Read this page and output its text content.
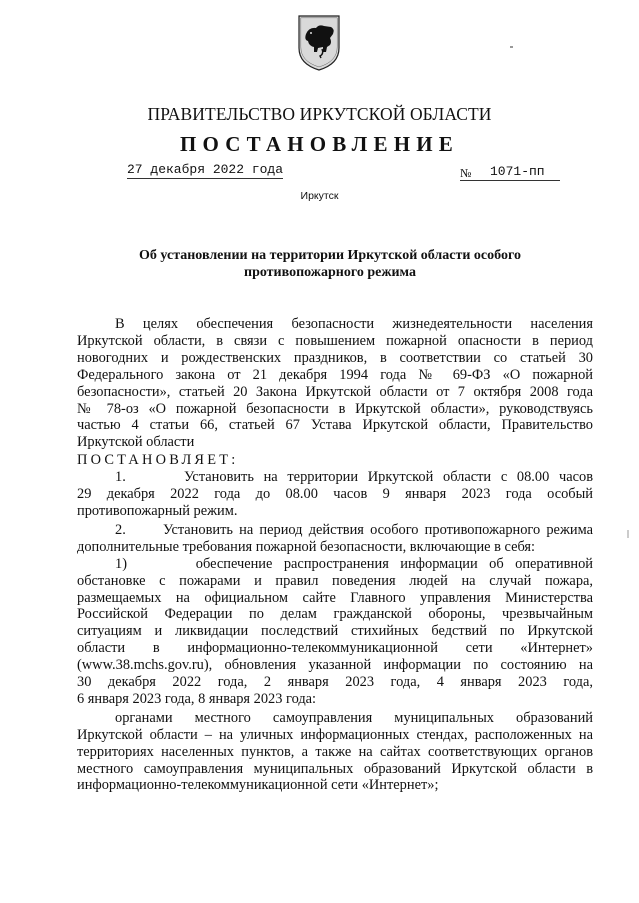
ПРАВИТЕЛЬСТВО ИРКУТСКОЙ ОБЛАСТИ
ПОСТАНОВЛЕНИЕ
27 декабря 2022 года	№ 1071-пп
Иркутск
Об установлении на территории Иркутской области особого
противопожарного режима
В целях обеспечения безопасности жизнедеятельности населения
Иркутской области, в связи с повышением пожарной опасности в период
новогодних и рождественских праздников, в соответствии со статьей 30
Федерального закона от 21 декабря 1994 года № 69-ФЗ «О пожарной
безопасности», статьей 20 Закона Иркутской области от 7 октября 2008 года
№ 78-оз «О пожарной безопасности в Иркутской области», руководствуясь
частью 4 статьи 66, статьей 67 Устава Иркутской области, Правительство
Иркутской области
ПОСТАНОВЛЯЕТ:
1.      Установить на территории Иркутской области с 08.00 часов
29 декабря 2022 года до 08.00 часов 9 января 2023 года особый
противопожарный режим.
2.      Установить на период действия особого противопожарного режима
дополнительные требования пожарной безопасности, включающие в себя:
1)      обеспечение распространения информации об оперативной
обстановке с пожарами и правил поведения людей на случай пожара,
размещаемых на официальном сайте Главного управления Министерства
Российской Федерации по делам гражданской обороны, чрезвычайным
ситуациям и ликвидации последствий стихийных бедствий по Иркутской
области в информационно-телекоммуникационной сети «Интернет»
(www.38.mchs.gov.ru), обновления указанной информации по состоянию на
30 декабря 2022 года, 2 января 2023 года, 4 января 2023 года,
6 января 2023 года, 8 января 2023 года:
органами местного самоуправления муниципальных образований
Иркутской области – на уличных информационных стендах, расположенных на
территориях населенных пунктов, а также на сайтах соответствующих органов
местного самоуправления муниципальных образований Иркутской области в
информационно-телекоммуникационной сети «Интернет»;
